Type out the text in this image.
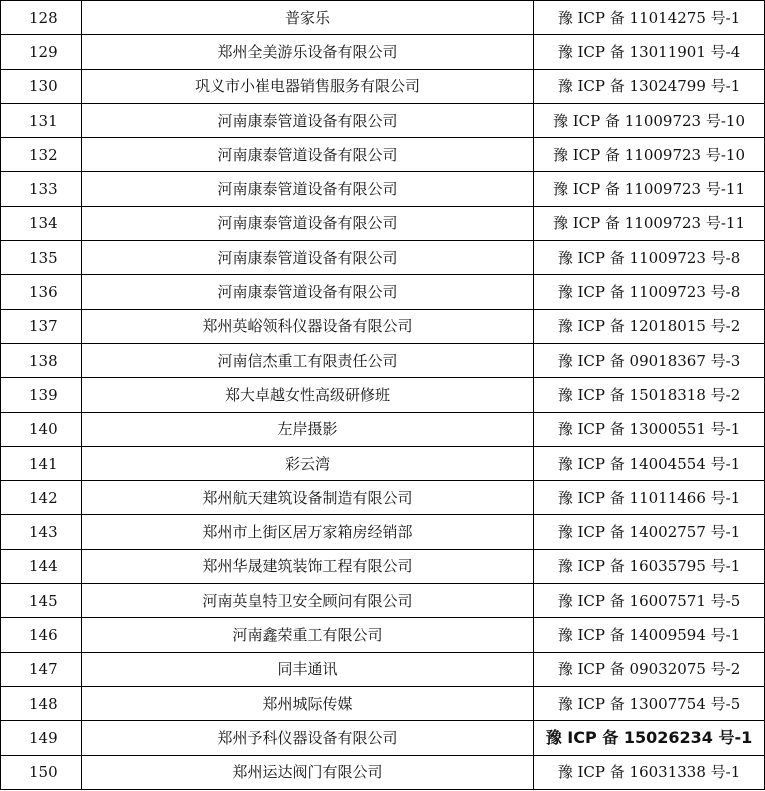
128	普家乐	豫 ICP 备 11014275 号-1
129	郑州全美游乐设备有限公司	豫 ICP 备 13011901 号-4
130	巩义市小崔电器销售服务有限公司	豫 ICP 备 13024799 号-1
131	河南康泰管道设备有限公司	豫 ICP 备 11009723 号-10
132	河南康泰管道设备有限公司	豫 ICP 备 11009723 号-10
133	河南康泰管道设备有限公司	豫 ICP 备 11009723 号-11
134	河南康泰管道设备有限公司	豫 ICP 备 11009723 号-11
135	河南康泰管道设备有限公司	豫 ICP 备 11009723 号-8
136	河南康泰管道设备有限公司	豫 ICP 备 11009723 号-8
137	郑州英峪领科仪器设备有限公司	豫 ICP 备 12018015 号-2
138	河南信杰重工有限责任公司	豫 ICP 备 09018367 号-3
139	郑大卓越女性高级研修班	豫 ICP 备 15018318 号-2
140	左岸摄影	豫 ICP 备 13000551 号-1
141	彩云湾	豫 ICP 备 14004554 号-1
142	郑州航天建筑设备制造有限公司	豫 ICP 备 11011466 号-1
143	郑州市上街区居万家箱房经销部	豫 ICP 备 14002757 号-1
144	郑州华晟建筑装饰工程有限公司	豫 ICP 备 16035795 号-1
145	河南英皇特卫安全顾问有限公司	豫 ICP 备 16007571 号-5
146	河南鑫荣重工有限公司	豫 ICP 备 14009594 号-1
147	同丰通讯	豫 ICP 备 09032075 号-2
148	郑州城际传媒	豫 ICP 备 13007754 号-5
149	郑州予科仪器设备有限公司	豫 ICP 备 15026234 号-1
150	郑州运达阀门有限公司	豫 ICP 备 16031338 号-1
